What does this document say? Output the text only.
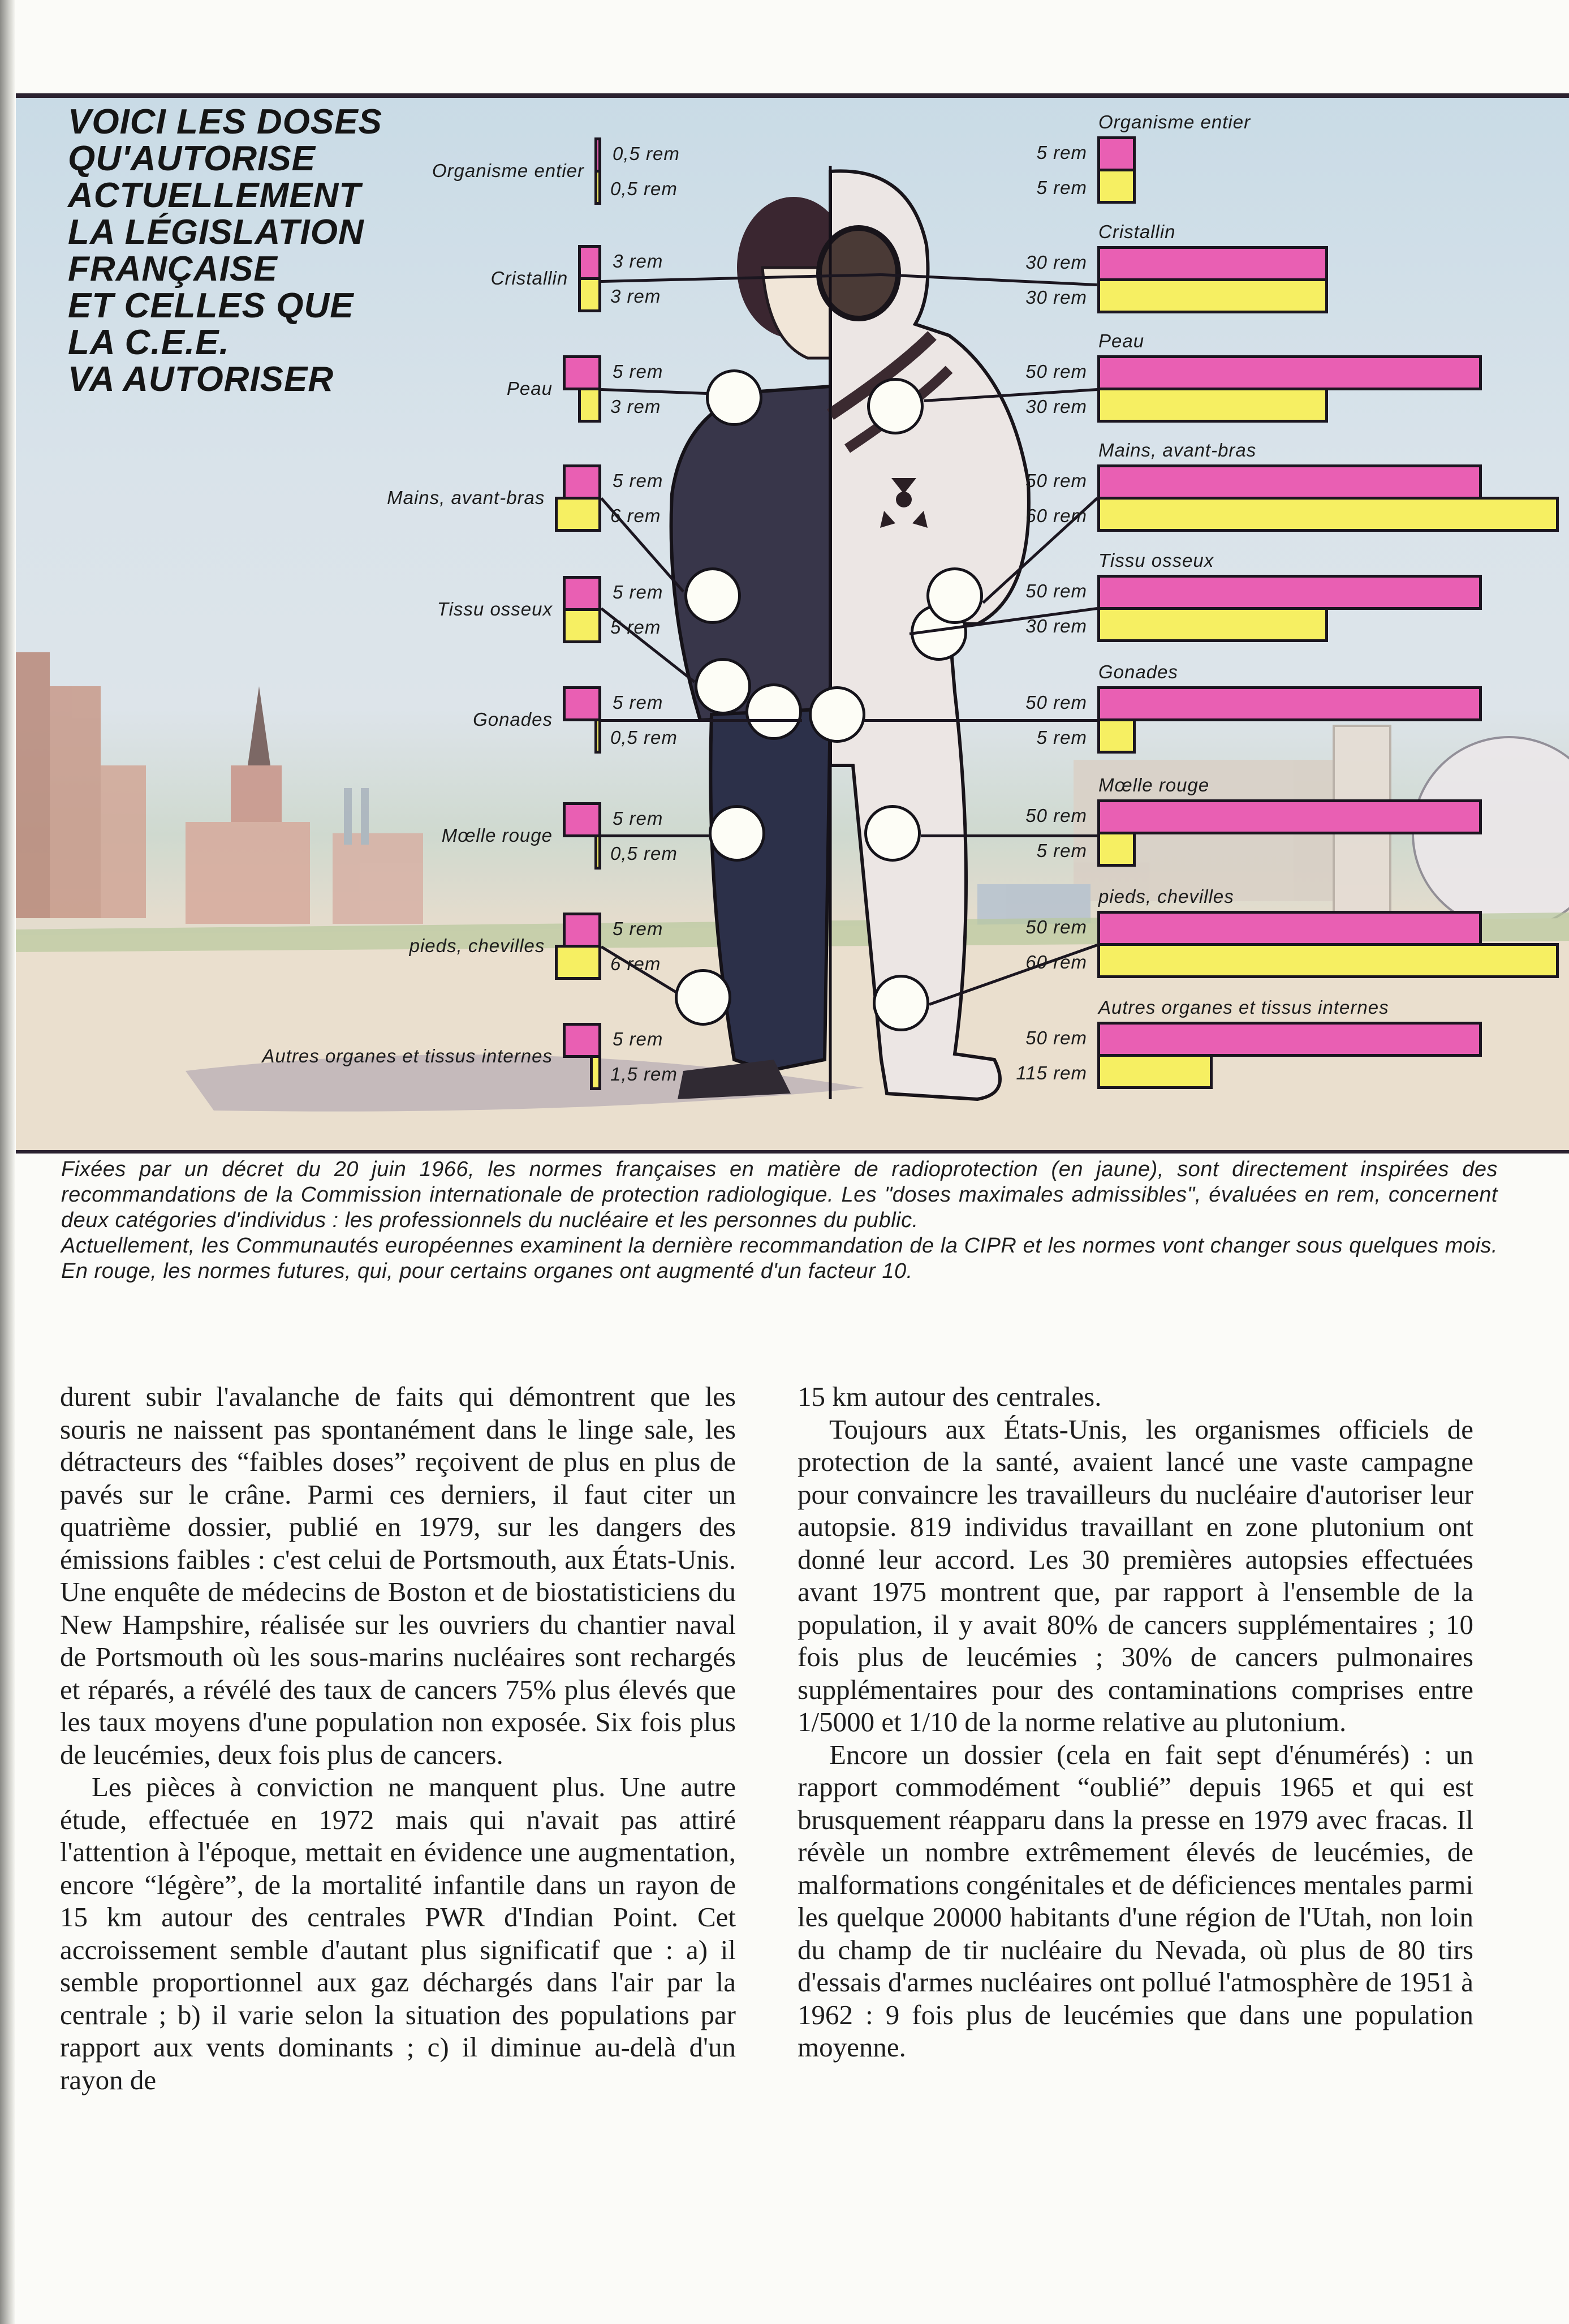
VOICI LES DOSES
QU'AUTORISE
ACTUELLEMENT
LA LÉGISLATION
FRANÇAISE
ET CELLES QUE
LA C.E.E.
VA AUTORISER
Organisme entier
0,5 rem
0,5 rem
Cristallin
3 rem
3 rem
Peau
5 rem
3 rem
Mains, avant-bras
5 rem
6 rem
Tissu osseux
5 rem
5 rem
Gonades
5 rem
0,5 rem
Mœlle rouge
5 rem
0,5 rem
pieds, chevilles
5 rem
6 rem
Autres organes et tissus internes
5 rem
1,5 rem
Organisme entier
5 rem
5 rem
Cristallin
30 rem
30 rem
Peau
50 rem
30 rem
Mains, avant-bras
50 rem
60 rem
Tissu osseux
50 rem
30 rem
Gonades
50 rem
5 rem
Mœlle rouge
50 rem
5 rem
pieds, chevilles
50 rem
60 rem
Autres organes et tissus internes
50 rem
115 rem

Fixées par un décret du 20 juin 1966, les normes françaises en matière de radioprotection (en jaune), sont directement inspirées des recommandations de la Commission internationale de protection radiologique. Les "doses maximales admissibles", évaluées en rem, concernent deux catégories d'individus : les professionnels du nucléaire et les personnes du public.

Actuellement, les Communautés européennes examinent la dernière recommandation de la CIPR et les normes vont changer sous quelques mois. En rouge, les normes futures, qui, pour certains organes ont augmenté d'un facteur 10.

durent subir l'avalanche de faits qui démontrent que les souris ne naissent pas spontanément dans le linge sale, les détracteurs des “faibles doses” reçoivent de plus en plus de pavés sur le crâne. Parmi ces derniers, il faut citer un quatrième dossier, publié en 1979, sur les dangers des émissions faibles : c'est celui de Portsmouth, aux États-Unis. Une enquête de médecins de Boston et de biostatisticiens du New Hampshire, réalisée sur les ouvriers du chantier naval de Portsmouth où les sous-marins nucléaires sont rechargés et réparés, a révélé des taux de cancers 75% plus élevés que les taux moyens d'une population non exposée. Six fois plus de leucémies, deux fois plus de cancers.

Les pièces à conviction ne manquent plus. Une autre étude, effectuée en 1972 mais qui n'avait pas attiré l'attention à l'époque, mettait en évidence une augmentation, encore “légère”, de la mortalité infantile dans un rayon de 15 km autour des centrales PWR d'Indian Point. Cet accroissement semble d'autant plus significatif que : a) il semble proportionnel aux gaz déchargés dans l'air par la centrale ; b) il varie selon la situation des populations par rapport aux vents dominants ; c) il diminue au-delà d'un rayon de

15 km autour des centrales.

Toujours aux États-Unis, les organismes officiels de protection de la santé, avaient lancé une vaste campagne pour convaincre les travailleurs du nucléaire d'autoriser leur autopsie. 819 individus travaillant en zone plutonium ont donné leur accord. Les 30 premières autopsies effectuées avant 1975 montrent que, par rapport à l'ensemble de la population, il y avait 80% de cancers supplémentaires ; 10 fois plus de leucémies ; 30% de cancers pulmonaires supplémentaires pour des contaminations comprises entre 1/5000 et 1/10 de la norme relative au plutonium.

Encore un dossier (cela en fait sept d'énumérés) : un rapport commodément “oublié” depuis 1965 et qui est brusquement réapparu dans la presse en 1979 avec fracas. Il révèle un nombre extrêmement élevés de leucémies, de malformations congénitales et de déficiences mentales parmi les quelque 20000 habitants d'une région de l'Utah, non loin du champ de tir nucléaire du Nevada, où plus de 80 tirs d'essais d'armes nucléaires ont pollué l'atmosphère de 1951 à 1962 : 9 fois plus de leucémies que dans une population moyenne.
